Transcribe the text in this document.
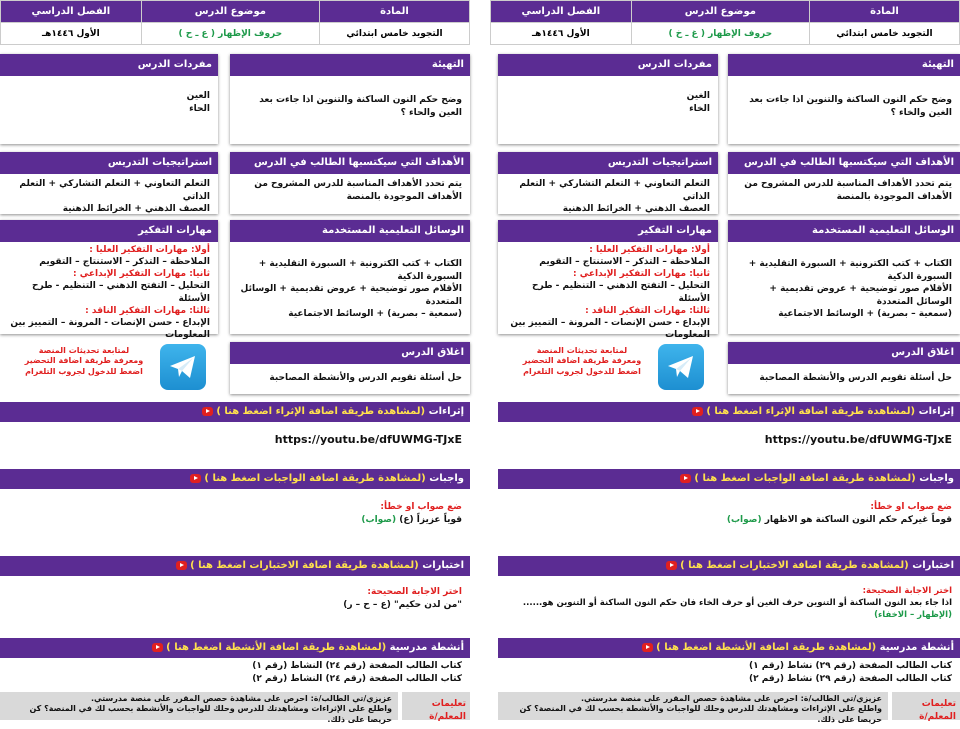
المادة	موضوع الدرس	الفصل الدراسي
التجويد خامس ابتدائي	حروف الإظهار ( ع ـ ح )	الأول ١٤٤٦هـ
التهيئة
وضح حكم النون الساكنة والتنوين اذا جاءت بعد العين والحاء ؟
مفردات الدرس
العين
الحاء
الأهداف التي سيكتسبها الطالب في الدرس
يتم تحدد الأهداف المناسبة للدرس المشروح من الأهداف الموجودة بالمنصة
استراتيجيات التدريس
التعلم التعاوني + التعلم التشاركي + التعلم الذاتي
العصف الذهني + الخرائط الذهنية
الوسائل التعليمية المستخدمة
الكتاب + كتب الكترونية + السبورة التقليدية + السبورة الذكية
الأقلام صور توضيحية + عروض تقديمية + الوسائل المتعددة
(سمعية – بصرية) + الوسائط الاجتماعية
مهارات التفكير
أولا: مهارات التفكير العليا :
الملاحظة – التذكر – الاستنتاج – التقويم
ثانيا: مهارات التفكير الإبداعي :
التحليل – التفتح الذهني – التنظيم - طرح الأسئلة
ثالثا: مهارات التفكير الناقد :
الإبداع - حسن الإنصات - المرونة – التمييز بين المعلومات
لمتابعة تحديثات المنصة
ومعرفة طريقة اضافة التحضير
اضغط للدخول لجروب التلغرام
اغلاق الدرس
حل أسئلة تقويم الدرس والأنشطة المصاحبة
إثراءات (لمشاهدة طريقة اضافة الإثراء اضغط هنا )
https://youtu.be/dfUWMG-TJxE
واجبات (لمشاهدة طريقة اضافة الواجبات اضغط هنا )
ضع صواب او خطأ:
قوياً عزيزاً (ع) (صواب)
اختبارات (لمشاهدة طريقة اضافة الاختبارات اضغط هنا )
اختر الاجابة الصحيحة:
"من لدن حكيم" (ع – ح – ر)
أنشطة مدرسية (لمشاهدة طريقة اضافة الأنشطة اضغط هنا )
كتاب الطالب الصفحة (رقم ٢٤) النشاط (رقم ١)
كتاب الطالب الصفحة (رقم ٢٤) النشاط (رقم ٢)
تعليمات المعلم/ة
عزيزي/تي الطالب/ة: احرص على مشاهدة حصص المقرر على منصة مدرستي.
واطلع على الإثراءات ومشاهدتك للدرس وحلك للواجبات والأنشطة بحسب لك في المنصة؟ كن حريصا على ذلك.
المادة	موضوع الدرس	الفصل الدراسي
التجويد خامس ابتدائي	حروف الإظهار ( غ ـ خ )	الأول ١٤٤٦هـ
التهيئة
وضح حكم النون الساكنة والتنوين اذا جاءت بعد الغين والخاء ؟
مفردات الدرس
الغين
الخاء
الأهداف التي سيكتسبها الطالب في الدرس
يتم تحدد الأهداف المناسبة للدرس المشروح من الأهداف الموجودة بالمنصة
استراتيجيات التدريس
التعلم التعاوني + التعلم التشاركي + التعلم الذاتي
العصف الذهني + الخرائط الذهنية
الوسائل التعليمية المستخدمة
الكتاب + كتب الكترونية + السبورة التقليدية + السبورة الذكية
الأقلام صور توضيحية + عروض تقديمية + الوسائل المتعددة
(سمعية – بصرية) + الوسائط الاجتماعية
مهارات التفكير
أولا: مهارات التفكير العليا :
الملاحظة – التذكر – الاستنتاج – التقويم
ثانيا: مهارات التفكير الإبداعي :
التحليل – التفتح الذهني – التنظيم - طرح الأسئلة
ثالثا: مهارات التفكير الناقد :
الإبداع - حسن الإنصات - المرونة – التمييز بين المعلومات
لمتابعة تحديثات المنصة
ومعرفة طريقة اضافة التحضير
اضغط للدخول لجروب التلغرام
اغلاق الدرس
حل أسئلة تقويم الدرس والأنشطة المصاحبة
إثراءات (لمشاهدة طريقة اضافة الإثراء اضغط هنا )
https://youtu.be/dfUWMG-TJxE
واجبات (لمشاهدة طريقة اضافة الواجبات اضغط هنا )
ضع صواب او خطأ:
قوماً غيركم حكم النون الساكنة هو الاظهار (صواب)
اختبارات (لمشاهدة طريقة اضافة الاختبارات اضغط هنا )
اختر الاجابة الصحيحة:
اذا جاء بعد النون الساكنة أو التنوين حرف الغين أو حرف الخاء فان حكم النون الساكنة أو التنوين هو...... (الإظهار – الاخفاء)
أنشطة مدرسية (لمشاهدة طريقة اضافة الأنشطة اضغط هنا )
كتاب الطالب الصفحة (رقم ٢٩) نشاط (رقم ١)
كتاب الطالب الصفحة (رقم ٢٩) نشاط (رقم ٢)
تعليمات المعلم/ة
عزيزي/تي الطالب/ة: احرص على مشاهدة حصص المقرر على منصة مدرستي.
واطلع على الإثراءات ومشاهدتك للدرس وحلك للواجبات والأنشطة بحسب لك في المنصة؟ كن حريصا على ذلك.
